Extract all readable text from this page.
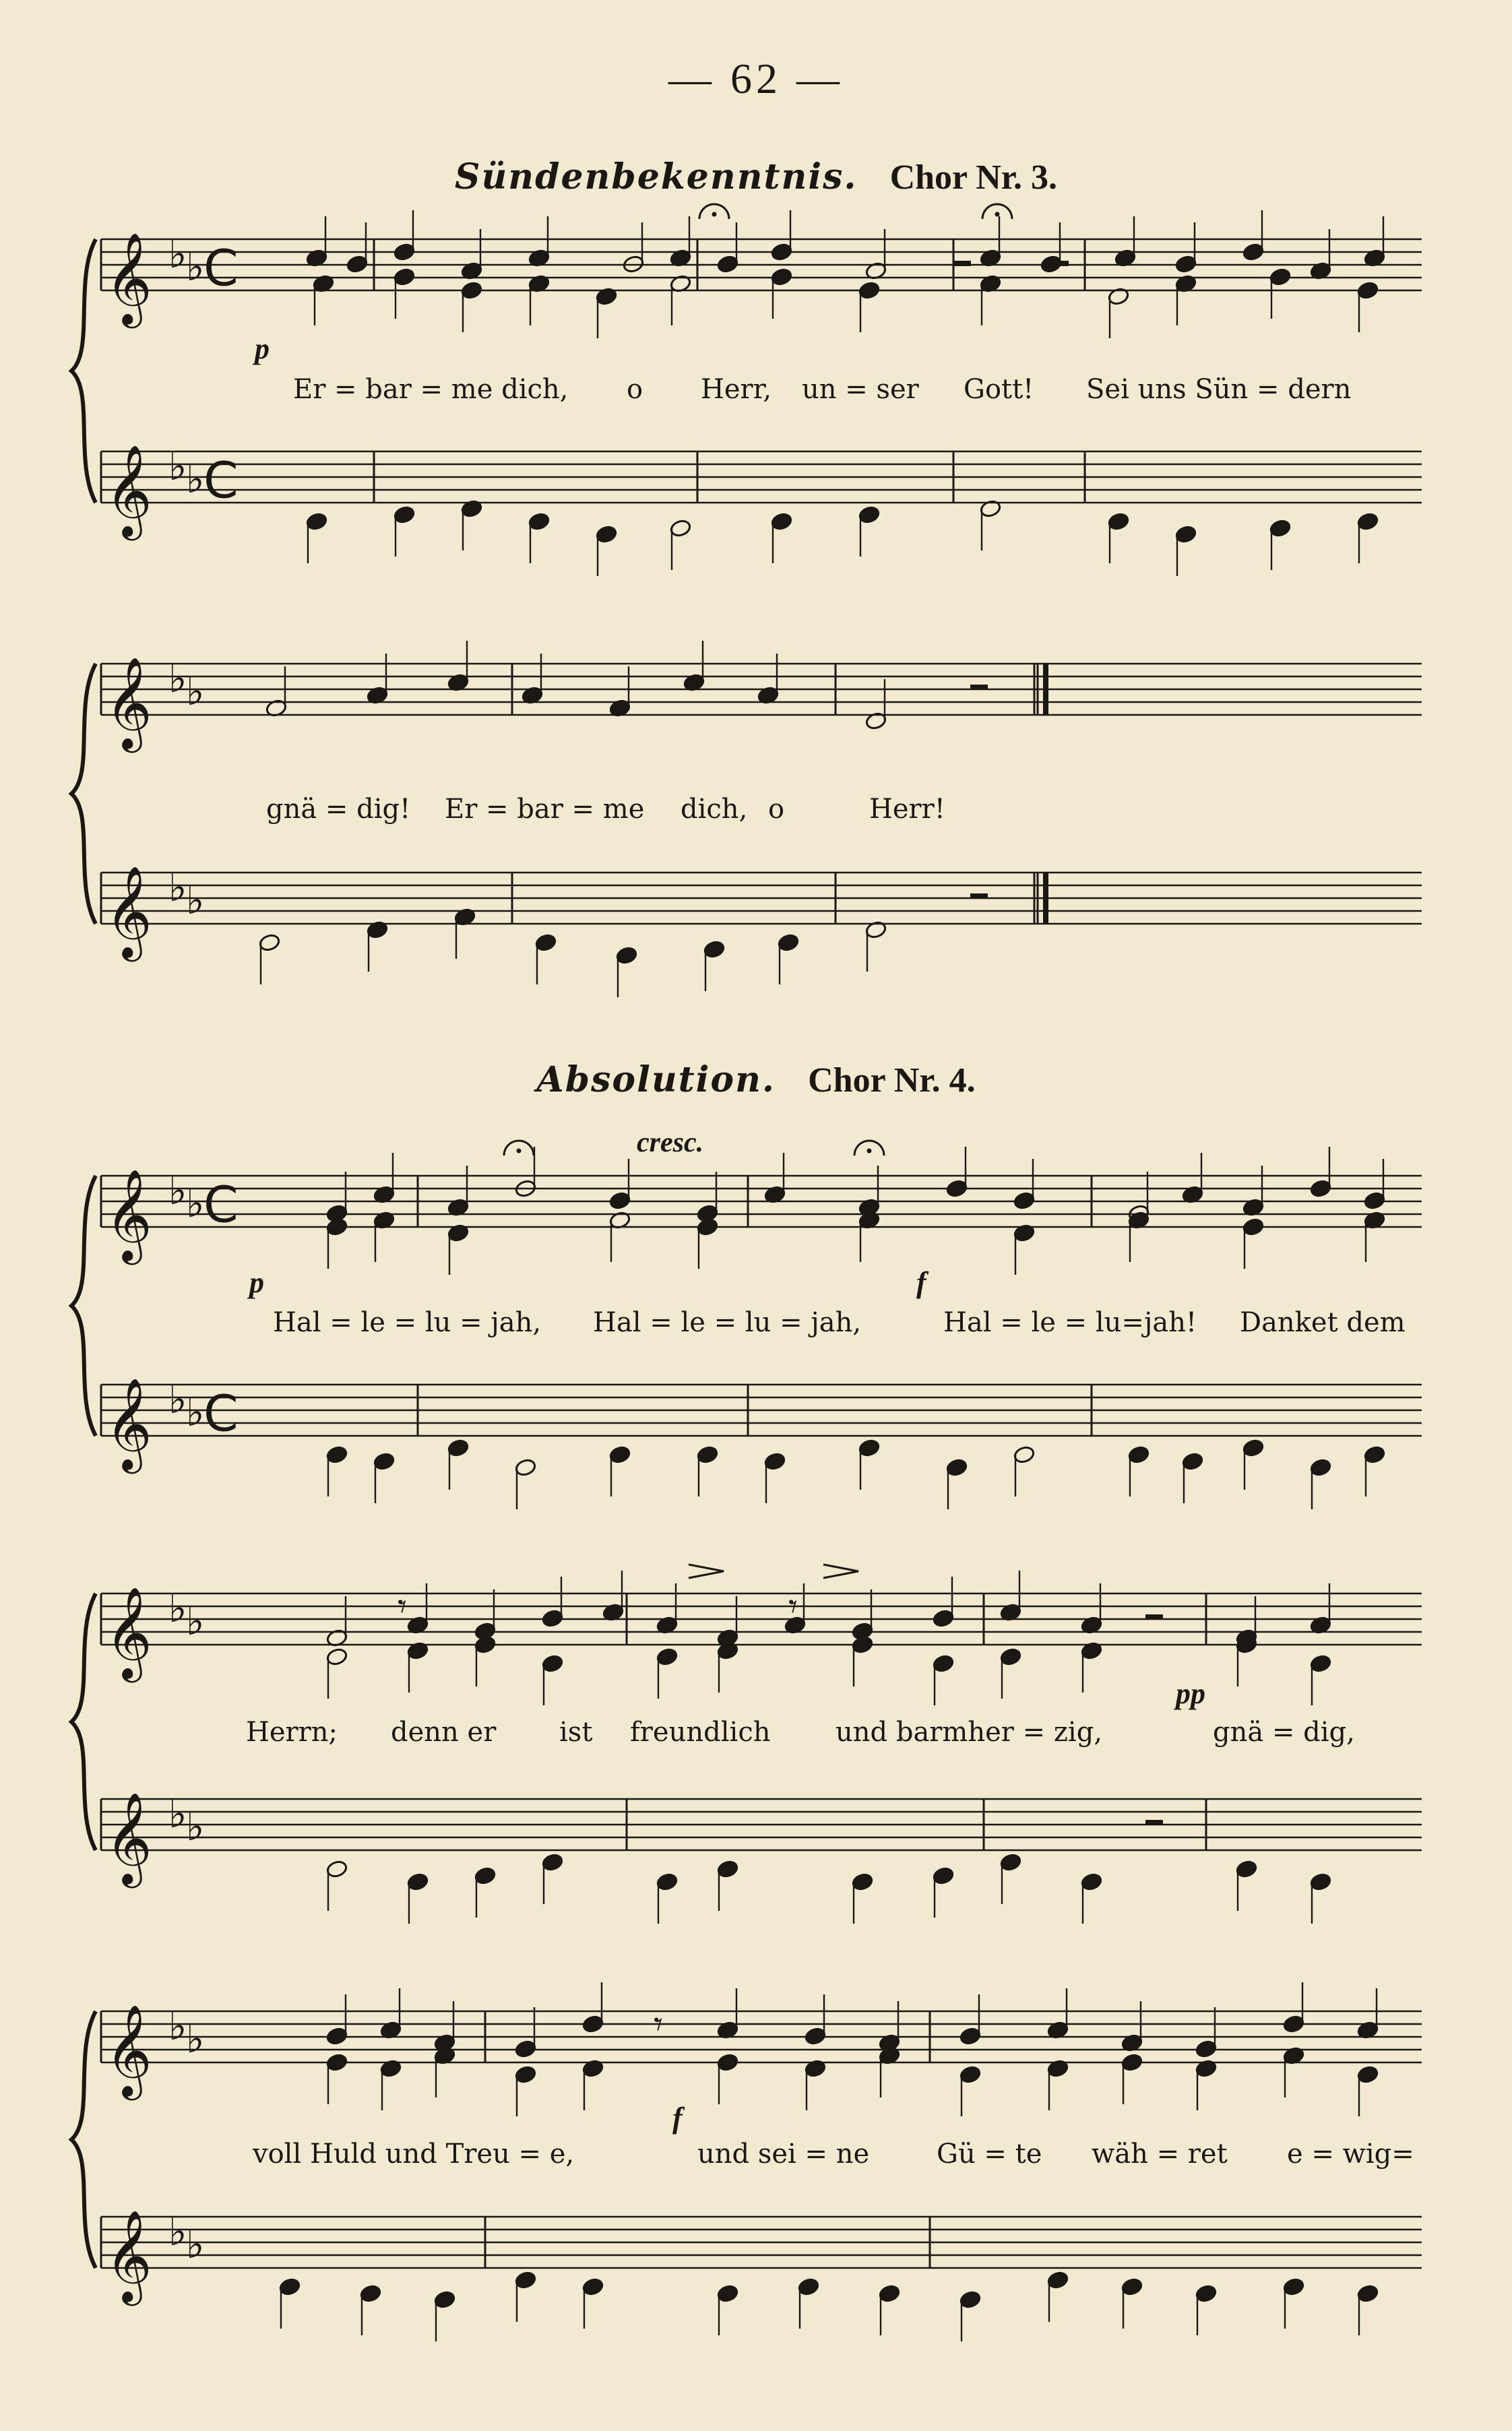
— 62 —
Sündenbekenntnis. Chor Nr. 3.
Absolution. Chor Nr. 4.
𝄞 ♭
♭
C
𝄞 ♭
♭
C
𝄞 ♭
♭
𝄞 ♭
♭
𝄞 ♭
♭
C
𝄞 ♭
♭
C
𝄞 ♭
♭
𝄞 ♭
♭
𝄾	𝄾
𝄞 ♭
♭
𝄞 ♭
♭
𝄾
Er = bar = me dich, o Herr, un = ser Gott! Sei uns Sün = dern
gnä = dig! Er = bar = me dich, o	Herr!
Hal = le = lu = jah, Hal = le = lu = jah,	Hal = le = lu=jah! Danket dem
Herrn; denn er ist freundlich und barmher = zig,	gnä = dig,
voll Huld und Treu = e,	und sei = ne Gü = te wäh = ret e = wig=
p
p	f
pp
f
cresc.
